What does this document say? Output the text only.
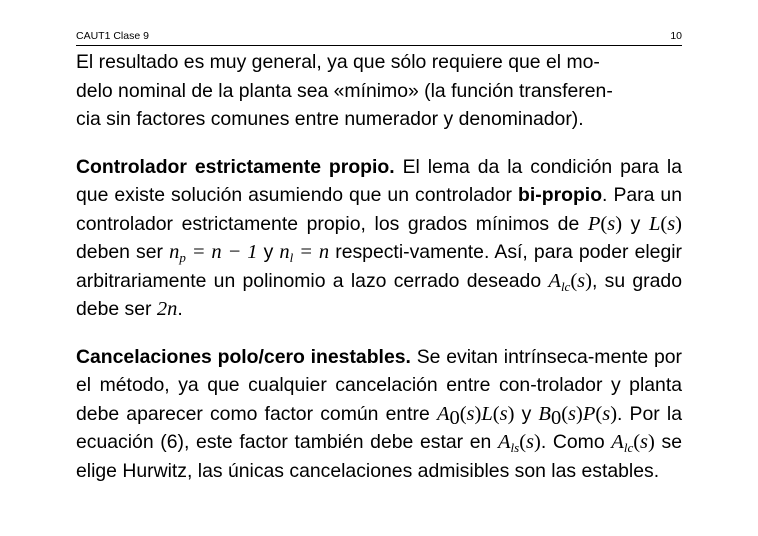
CAUT1 Clase 9	10

El resultado es muy general, ya que sólo requiere que el mo-
delo nominal de la planta sea «mínimo» (la función transferen-
cia sin factores comunes entre numerador y denominador).

Controlador estrictamente propio. El lema da la condición para la que existe solución asumiendo que un controlador bi-propio. Para un controlador estrictamente propio, los grados mínimos de P(s) y L(s) deben ser $n_p = n - 1$ y $n_l = n$ respecti-vamente. Así, para poder elegir arbitrariamente un polinomio a lazo cerrado deseado $A_{lc}(s)$, su grado debe ser 2n.

Cancelaciones polo/cero inestables. Se evitan intrínseca-mente por el método, ya que cualquier cancelación entre con-trolador y planta debe aparecer como factor común entre $A_0(s)L(s)$ y $B_0(s)P(s)$. Por la ecuación (6), este factor también debe estar en $A_{ls}(s)$. Como $A_{lc}(s)$ se elige Hurwitz, las únicas cancelaciones admisibles son las estables.
